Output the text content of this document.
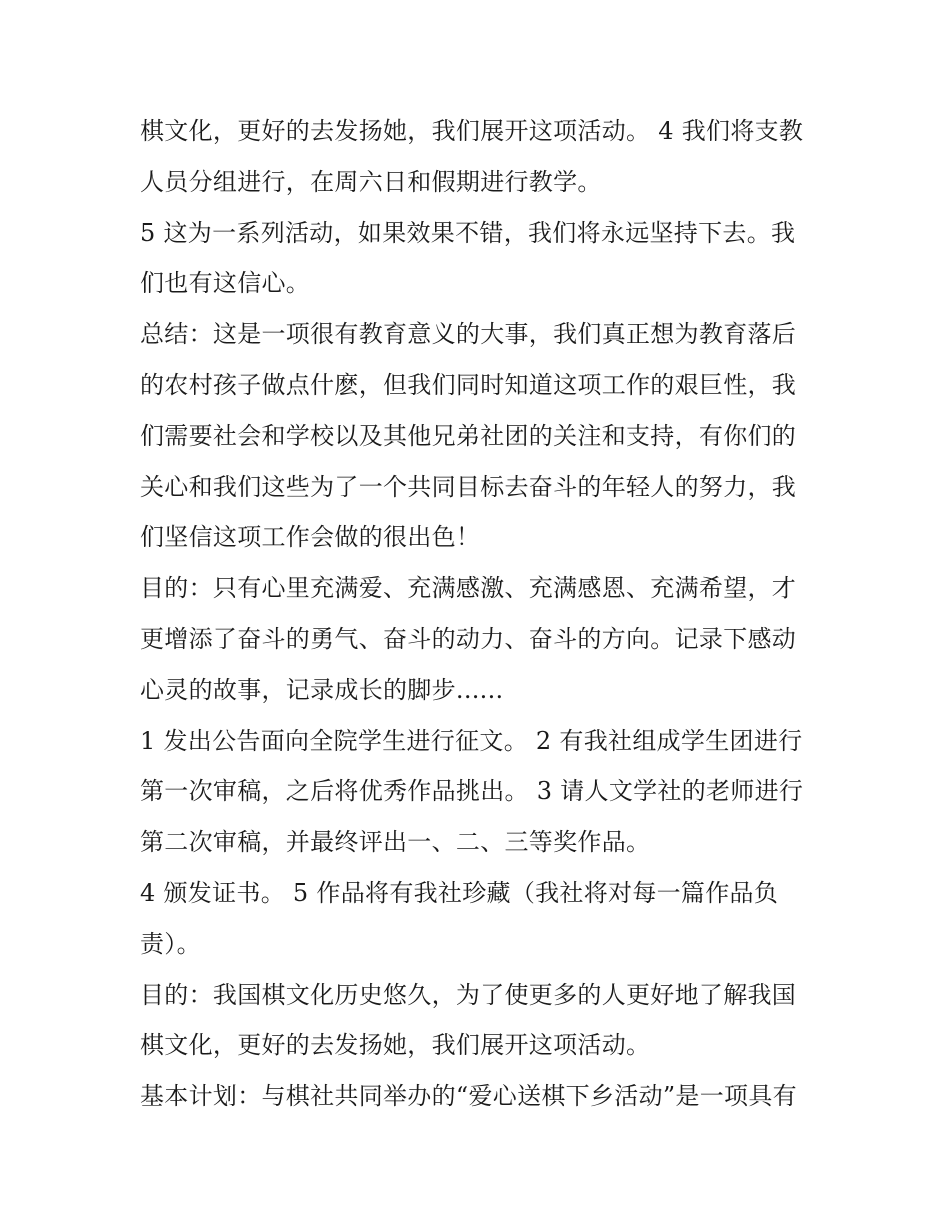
棋文化，更好的去发扬她，我们展开这项活动。 4 我们将支教
人员分组进行，在周六日和假期进行教学。
5 这为一系列活动，如果效果不错，我们将永远坚持下去。我
们也有这信心。
总结：这是一项很有教育意义的大事，我们真正想为教育落后
的农村孩子做点什麽，但我们同时知道这项工作的艰巨性，我
们需要社会和学校以及其他兄弟社团的关注和支持，有你们的
关心和我们这些为了一个共同目标去奋斗的年轻人的努力，我
们坚信这项工作会做的很出色！
目的：只有心里充满爱、充满感激、充满感恩、充满希望，才
更增添了奋斗的勇气、奋斗的动力、奋斗的方向。记录下感动
心灵的故事，记录成长的脚步......
1 发出公告面向全院学生进行征文。 2 有我社组成学生团进行
第一次审稿，之后将优秀作品挑出。 3 请人文学社的老师进行
第二次审稿，并最终评出一、二、三等奖作品。
4 颁发证书。 5 作品将有我社珍藏（我社将对每一篇作品负
责）。
目的：我国棋文化历史悠久，为了使更多的人更好地了解我国
棋文化，更好的去发扬她，我们展开这项活动。
基本计划：与棋社共同举办的“爱心送棋下乡活动”是一项具有
